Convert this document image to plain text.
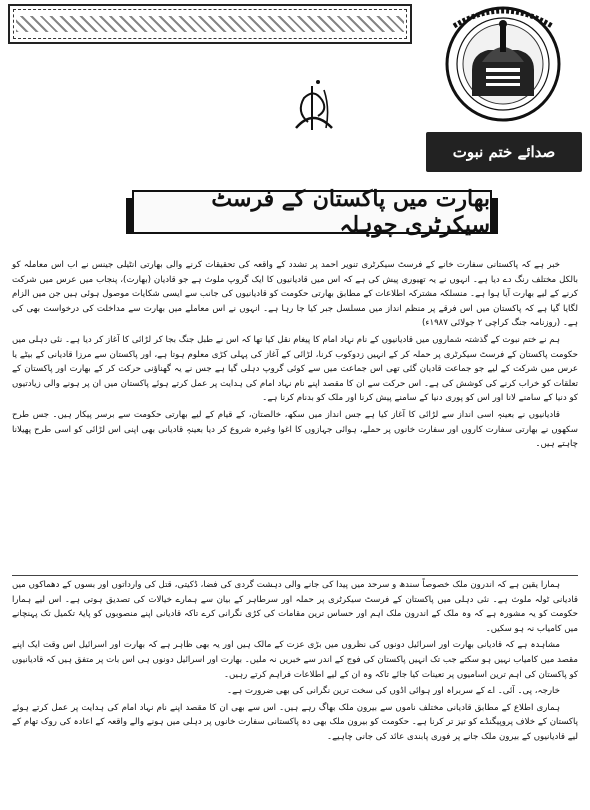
صدائے ختم نبوت
بھارت میں پاکستان کے فرسٹ سیکرٹری چوہلہ

خبر ہے کہ پاکستانی سفارت خانے کے فرسٹ سیکرٹری تنویر احمد پر تشدد کے واقعہ کی تحقیقات کرنے والی بھارتی انٹیلی جینس نے اب اس معاملہ کو بالکل مختلف رنگ دے دیا ہے۔ انہوں نے یہ تھیوری پیش کی ہے کہ اس میں قادیانیوں کا ایک گروپ ملوث ہے جو قادیان (بھارت)، پنجاب میں عرس میں شرکت کرنے کے لیے بھارت آیا ہوا ہے۔ منسلکہ مشترکہ اطلاعات کے مطابق بھارتی حکومت کو قادیانیوں کی جانب سے ایسی شکایات موصول ہوئی ہیں جن میں الزام لگایا گیا ہے کہ پاکستان میں اس فرقے پر منظم انداز میں مسلسل جبر کیا جا رہا ہے۔ انہوں نے اس معاملے میں بھارت سے مداخلت کی درخواست بھی کی ہے۔ (روزنامہ جنگ کراچی ۲ جولائی ۱۹۸۷ء)

ہم نے ختم نبوت کے گذشتہ شماروں میں قادیانیوں کے نام نہاد امام کا پیغام نقل کیا تھا کہ اس نے طبل جنگ بجا کر لڑائی کا آغاز کر دیا ہے۔ نئی دہلی میں حکومت پاکستان کے فرسٹ سیکرٹری پر حملہ کر کے انہیں زدوکوب کرنا، لڑائی کے آغاز کی پہلی کڑی معلوم ہوتا ہے، اور پاکستان سے مرزا قادیانی کے بیٹے یا عرس میں شرکت کے لیے جو جماعت قادیان گئی تھی اس جماعت میں سے کوئی گروپ دہلی گیا ہے جس نے یہ گھناؤنی حرکت کر کے بھارت اور پاکستان کے تعلقات کو خراب کرنے کی کوشش کی ہے۔ اس حرکت سے ان کا مقصد اپنے نام نہاد امام کی ہدایت پر عمل کرتے ہوئے پاکستان میں ان پر ہونے والی زیادتیوں کو دنیا کے سامنے لانا اور اس کو پوری دنیا کے سامنے پیش کرنا اور ملک کو بدنام کرنا ہے۔

قادیانیوں نے بعینہٖ اسی انداز سے لڑائی کا آغاز کیا ہے جس انداز میں سکھ، خالصتان، کے قیام کے لیے بھارتی حکومت سے برسر پیکار ہیں۔ جس طرح سکھوں نے بھارتی سفارت کاروں اور سفارت خانوں پر حملے، ہوائی جہازوں کا اغوا وغیرہ شروع کر دیا بعینہٖ قادیانی بھی اپنی اس لڑائی کو اسی طرح پھیلانا چاہتے ہیں۔

ہمارا یقین ہے کہ اندرون ملک خصوصاً سندھ و سرحد میں پیدا کی جانے والی دہشت گردی کی فضا، ڈکیتی، قتل کی وارداتوں اور بسوں کے دھماکوں میں قادیانی ٹولہ ملوث ہے۔ نئی دہلی میں پاکستان کے فرسٹ سیکرٹری پر حملہ اور سرطاہر کے بیان سے ہمارے خیالات کی تصدیق ہوتی ہے۔ اس لیے ہمارا حکومت کو یہ مشورہ ہے کہ وہ ملک کے اندرون ملک اہم اور حساس ترین مقامات کی کڑی نگرانی کرے تاکہ قادیانی اپنے منصوبوں کو پایۂ تکمیل تک پہنچانے میں کامیاب نہ ہو سکیں۔

مشاہدہ ہے کہ قادیانی بھارت اور اسرائیل دونوں کی نظروں میں بڑی عزت کے مالک ہیں اور یہ بھی ظاہر ہے کہ بھارت اور اسرائیل اس وقت ایک اپنے مقصد میں کامیاب نہیں ہو سکتے جب تک انہیں پاکستان کی فوج کے اندر سے خبریں نہ ملیں۔ بھارت اور اسرائیل دونوں ہی اس بات پر متفق ہیں کہ قادیانیوں کو پاکستان کی اہم ترین اسامیوں پر تعینات کیا جائے تاکہ وہ ان کے لیے اطلاعات فراہم کرتے رہیں۔

خارجہ، پی۔ آئی۔ اے کے سربراہ اور ہوائی اڈوں کی سخت ترین نگرانی کی بھی ضرورت ہے۔

ہماری اطلاع کے مطابق قادیانی مختلف ناموں سے بیرون ملک بھاگ رہے ہیں۔ اس سے بھی ان کا مقصد اپنے نام نہاد امام کی ہدایت پر عمل کرتے ہوئے پاکستان کے خلاف پروپیگنڈے کو تیز تر کرنا ہے۔ حکومت کو بیرون ملک بھی دہ پاکستانی سفارت خانوں پر دہلی میں ہونے والے واقعہ کے اعادہ کی روک تھام کے لیے قادیانیوں کے بیرون ملک جانے پر فوری پابندی عائد کی جانی چاہیے۔
